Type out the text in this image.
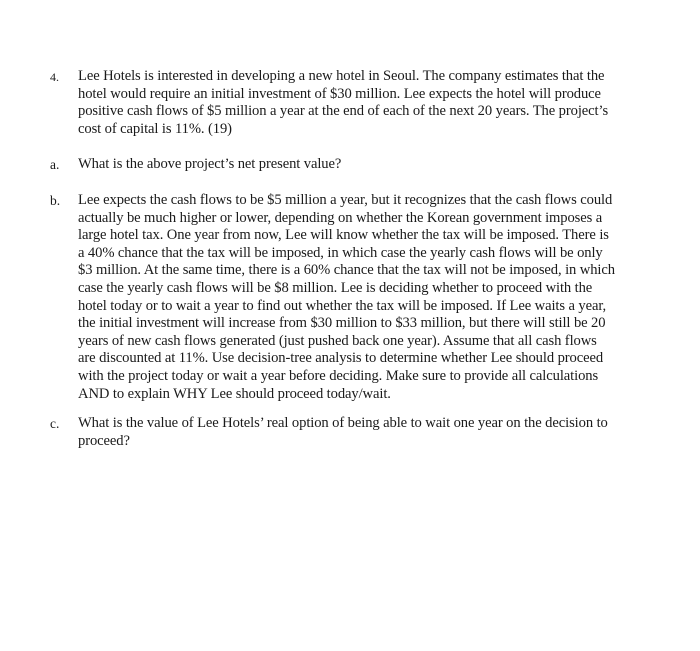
4.	Lee Hotels is interested in developing a new hotel in Seoul. The company estimates that the
hotel would require an initial investment of $30 million. Lee expects the hotel will produce
positive cash flows of $5 million a year at the end of each of the next 20 years. The project’s
cost of capital is 11%. (19)
a.	What is the above project’s net present value?
b.	Lee expects the cash flows to be $5 million a year, but it recognizes that the cash flows could
actually be much higher or lower, depending on whether the Korean government imposes a
large hotel tax. One year from now, Lee will know whether the tax will be imposed. There is
a 40% chance that the tax will be imposed, in which case the yearly cash flows will be only
$3 million. At the same time, there is a 60% chance that the tax will not be imposed, in which
case the yearly cash flows will be $8 million. Lee is deciding whether to proceed with the
hotel today or to wait a year to find out whether the tax will be imposed. If Lee waits a year,
the initial investment will increase from $30 million to $33 million, but there will still be 20
years of new cash flows generated (just pushed back one year). Assume that all cash flows
are discounted at 11%. Use decision-tree analysis to determine whether Lee should proceed
with the project today or wait a year before deciding. Make sure to provide all calculations
AND to explain WHY Lee should proceed today/wait.
c.	What is the value of Lee Hotels’ real option of being able to wait one year on the decision to
proceed?
